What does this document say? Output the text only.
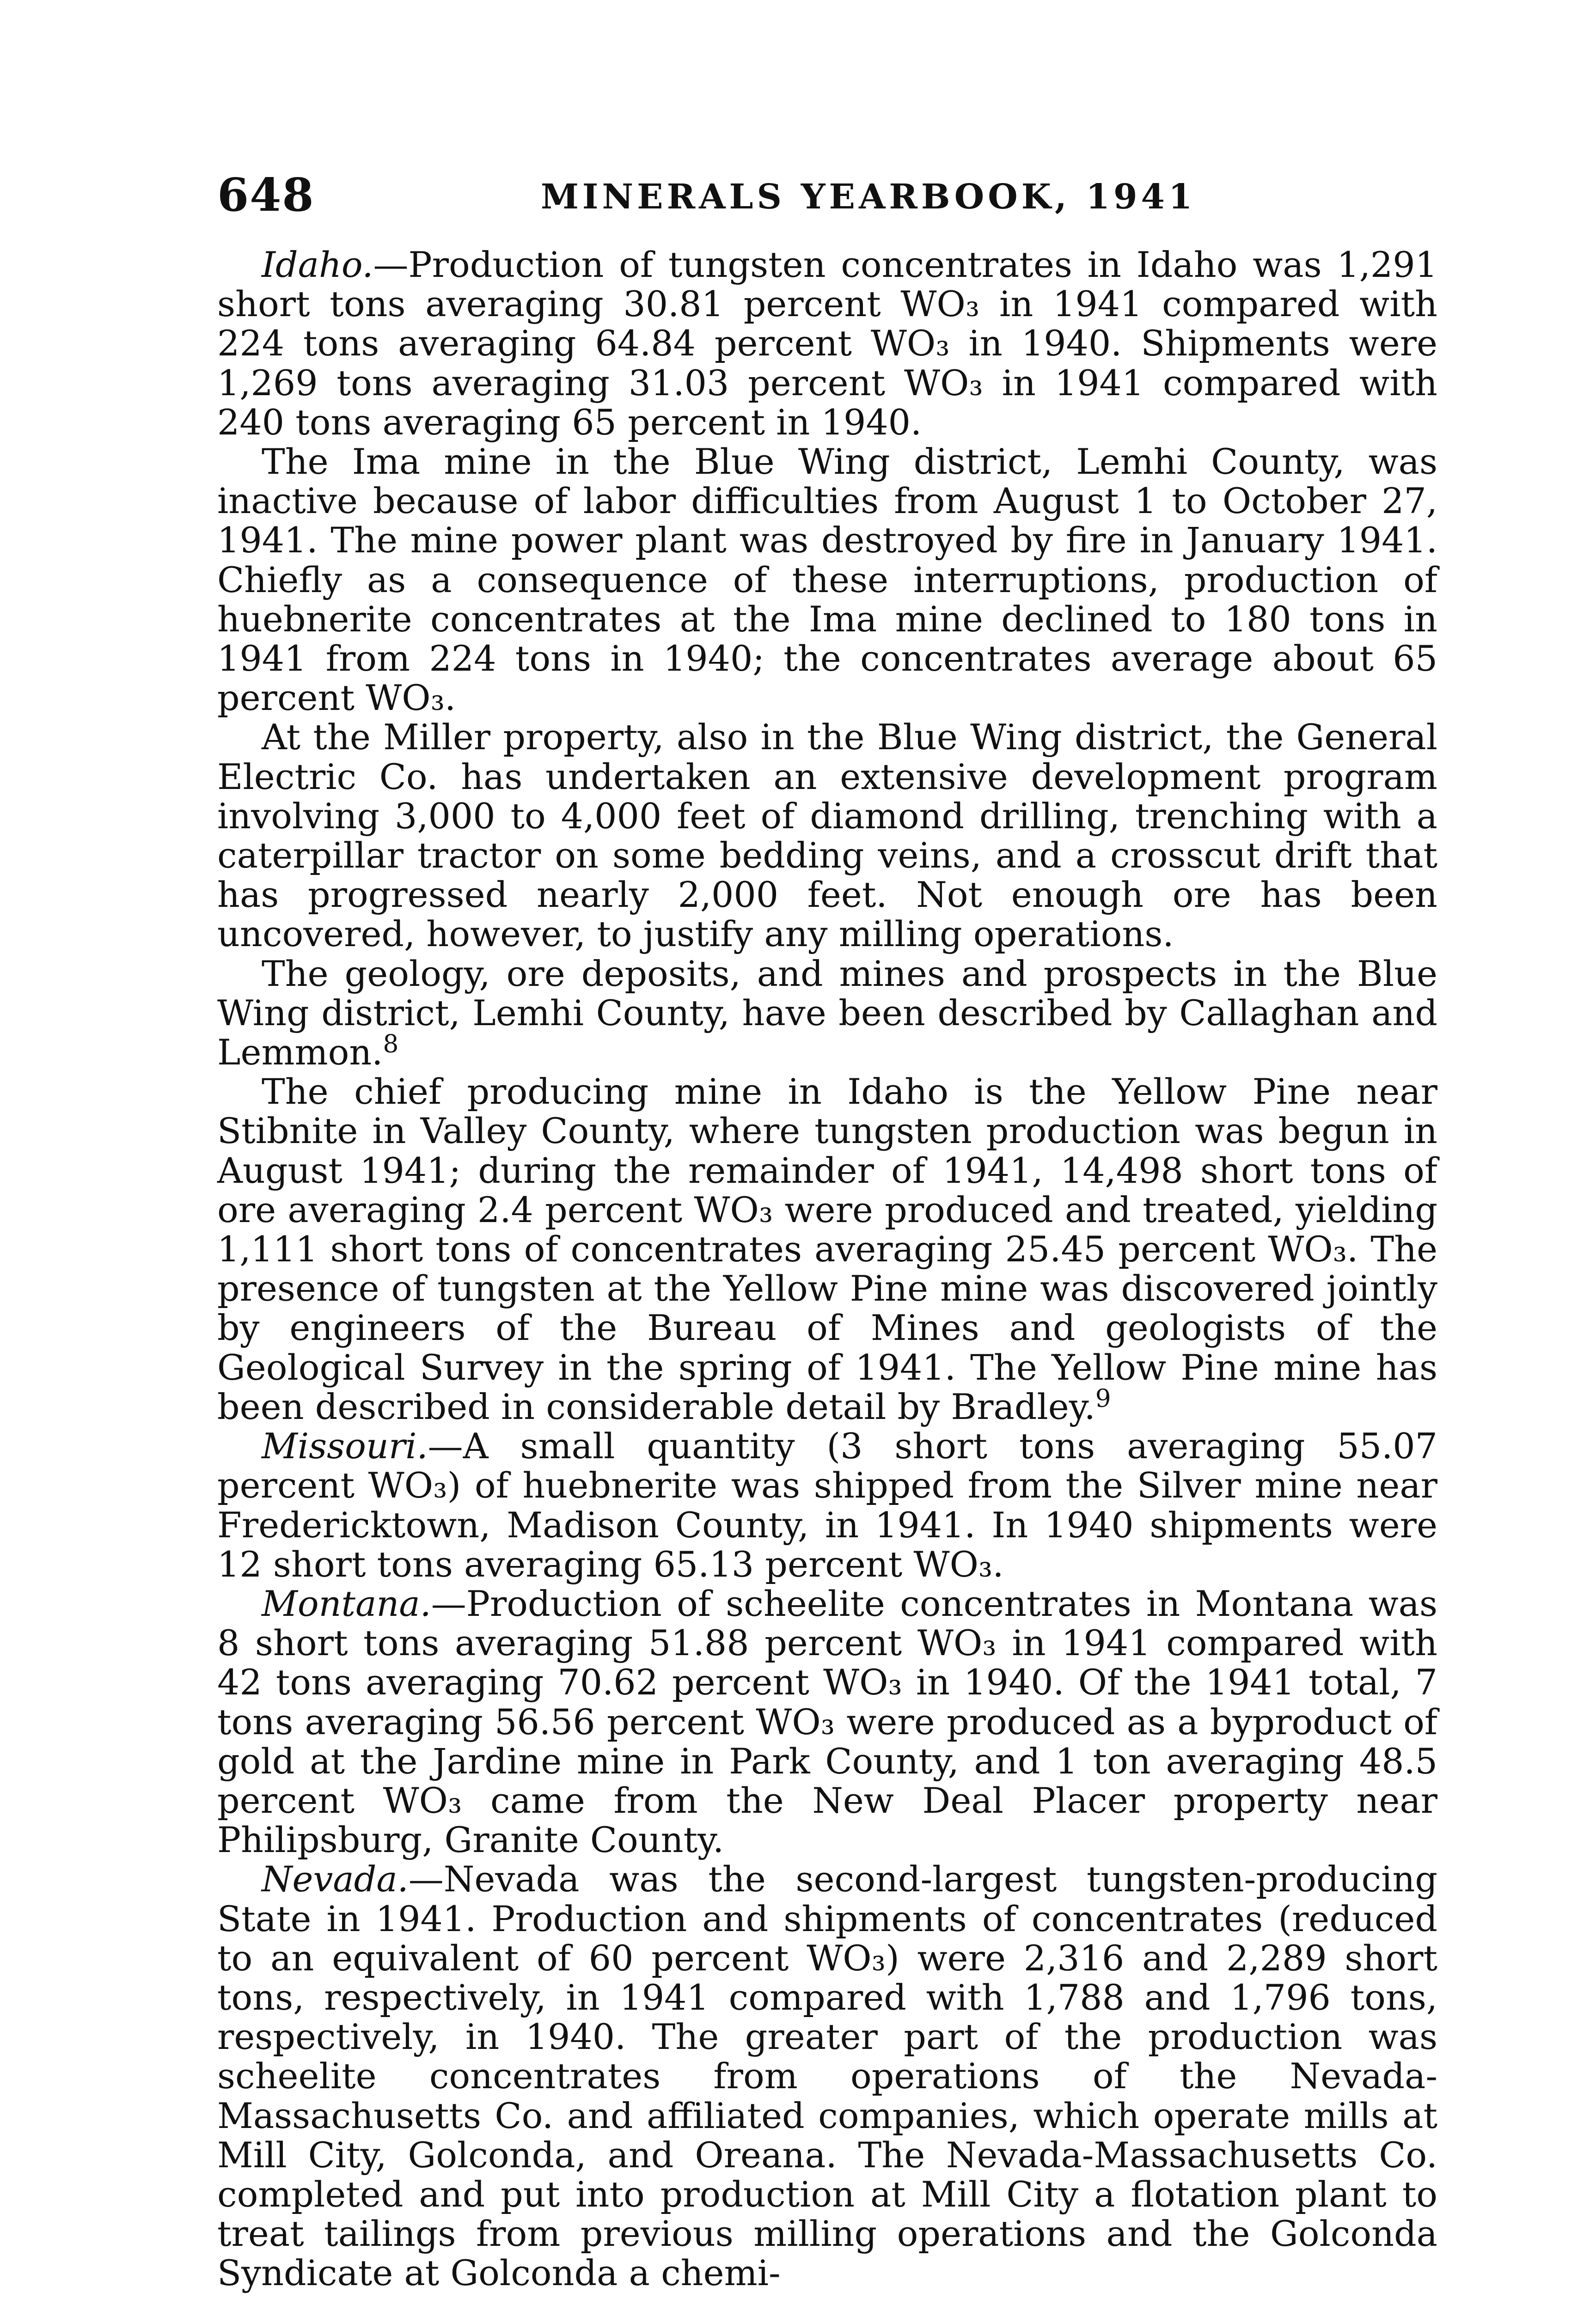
648	MINERALS YEARBOOK, 1941

Idaho.—Production of tungsten concentrates in Idaho was 1,291 short tons averaging 30.81 percent WO₃ in 1941 compared with 224 tons averaging 64.84 percent WO₃ in 1940. Shipments were 1,269 tons averaging 31.03 percent WO₃ in 1941 compared with 240 tons averaging 65 percent in 1940.

The Ima mine in the Blue Wing district, Lemhi County, was inactive because of labor difficulties from August 1 to October 27, 1941. The mine power plant was destroyed by fire in January 1941. Chiefly as a consequence of these interruptions, production of huebnerite concentrates at the Ima mine declined to 180 tons in 1941 from 224 tons in 1940; the concentrates average about 65 percent WO₃.

At the Miller property, also in the Blue Wing district, the General Electric Co. has undertaken an extensive development program involving 3,000 to 4,000 feet of diamond drilling, trenching with a caterpillar tractor on some bedding veins, and a crosscut drift that has progressed nearly 2,000 feet. Not enough ore has been uncovered, however, to justify any milling operations.

The geology, ore deposits, and mines and prospects in the Blue Wing district, Lemhi County, have been described by Callaghan and Lemmon.$^8$

The chief producing mine in Idaho is the Yellow Pine near Stibnite in Valley County, where tungsten production was begun in August 1941; during the remainder of 1941, 14,498 short tons of ore averaging 2.4 percent WO₃ were produced and treated, yielding 1,111 short tons of concentrates averaging 25.45 percent WO₃. The presence of tungsten at the Yellow Pine mine was discovered jointly by engineers of the Bureau of Mines and geologists of the Geological Survey in the spring of 1941. The Yellow Pine mine has been described in considerable detail by Bradley.$^9$

Missouri.—A small quantity (3 short tons averaging 55.07 percent WO₃) of huebnerite was shipped from the Silver mine near Fredericktown, Madison County, in 1941. In 1940 shipments were 12 short tons averaging 65.13 percent WO₃.

Montana.—Production of scheelite concentrates in Montana was 8 short tons averaging 51.88 percent WO₃ in 1941 compared with 42 tons averaging 70.62 percent WO₃ in 1940. Of the 1941 total, 7 tons averaging 56.56 percent WO₃ were produced as a byproduct of gold at the Jardine mine in Park County, and 1 ton averaging 48.5 percent WO₃ came from the New Deal Placer property near Philipsburg, Granite County.

Nevada.—Nevada was the second-largest tungsten-producing State in 1941. Production and shipments of concentrates (reduced to an equivalent of 60 percent WO₃) were 2,316 and 2,289 short tons, respectively, in 1941 compared with 1,788 and 1,796 tons, respectively, in 1940. The greater part of the production was scheelite concentrates from operations of the Nevada-Massachusetts Co. and affiliated companies, which operate mills at Mill City, Golconda, and Oreana. The Nevada-Massachusetts Co. completed and put into production at Mill City a flotation plant to treat tailings from previous milling operations and the Golconda Syndicate at Golconda a chemi-
